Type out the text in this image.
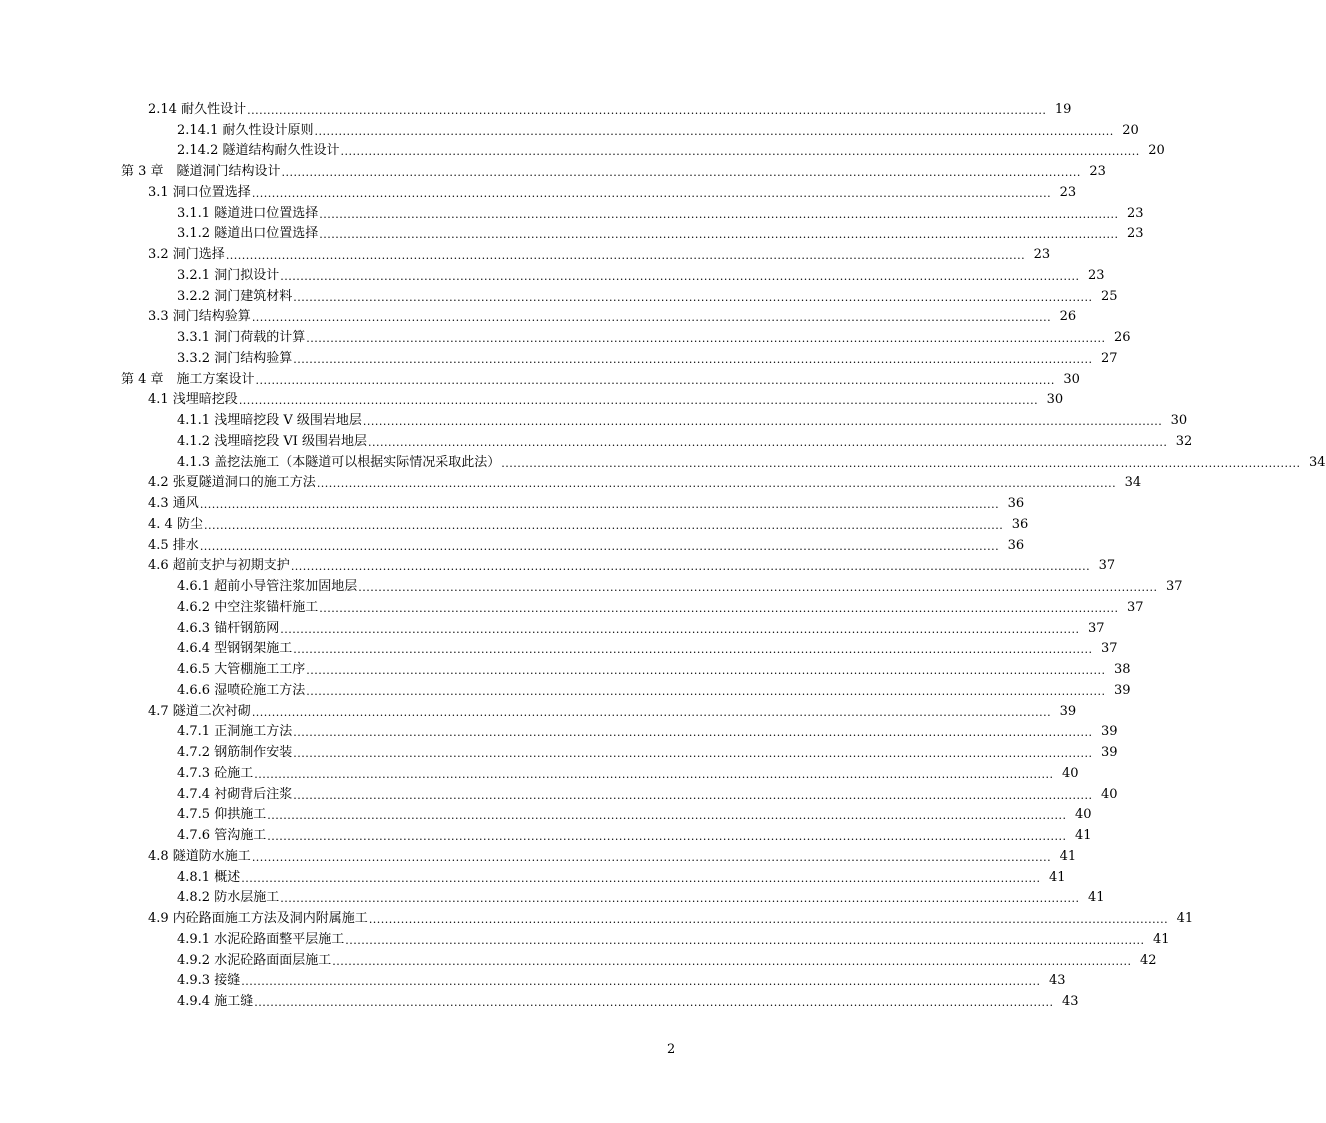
2.14 耐久性设计 ........................................................................................................................................................................................................ 19
2.14.1 耐久性设计原则 ........................................................................................................................................................................................................ 20
2.14.2 隧道结构耐久性设计 ........................................................................................................................................................................................................ 20
第 3 章　隧道洞门结构设计 ........................................................................................................................................................................................................ 23
3.1 洞口位置选择 ........................................................................................................................................................................................................ 23
3.1.1 隧道进口位置选择 ........................................................................................................................................................................................................ 23
3.1.2 隧道出口位置选择 ........................................................................................................................................................................................................ 23
3.2 洞门选择 ........................................................................................................................................................................................................ 23
3.2.1 洞门拟设计 ........................................................................................................................................................................................................ 23
3.2.2 洞门建筑材料 ........................................................................................................................................................................................................ 25
3.3 洞门结构验算 ........................................................................................................................................................................................................ 26
3.3.1 洞门荷载的计算 ........................................................................................................................................................................................................ 26
3.3.2 洞门结构验算 ........................................................................................................................................................................................................ 27
第 4 章　施工方案设计 ........................................................................................................................................................................................................ 30
4.1 浅埋暗挖段 ........................................................................................................................................................................................................ 30
4.1.1 浅埋暗挖段 V 级围岩地层 ........................................................................................................................................................................................................ 30
4.1.2 浅埋暗挖段 VI 级围岩地层 ........................................................................................................................................................................................................ 32
4.1.3 盖挖法施工（本隧道可以根据实际情况采取此法） ........................................................................................................................................................................................................ 34
4.2 张夏隧道洞口的施工方法 ........................................................................................................................................................................................................ 34
4.3 通风 ........................................................................................................................................................................................................ 36
4. 4 防尘 ........................................................................................................................................................................................................ 36
4.5 排水 ........................................................................................................................................................................................................ 36
4.6 超前支护与初期支护 ........................................................................................................................................................................................................ 37
4.6.1 超前小导管注浆加固地层 ........................................................................................................................................................................................................ 37
4.6.2 中空注浆锚杆施工 ........................................................................................................................................................................................................ 37
4.6.3 锚杆钢筋网 ........................................................................................................................................................................................................ 37
4.6.4 型钢钢架施工 ........................................................................................................................................................................................................ 37
4.6.5 大管棚施工工序 ........................................................................................................................................................................................................ 38
4.6.6 湿喷砼施工方法 ........................................................................................................................................................................................................ 39
4.7 隧道二次衬砌 ........................................................................................................................................................................................................ 39
4.7.1 正洞施工方法 ........................................................................................................................................................................................................ 39
4.7.2 钢筋制作安装 ........................................................................................................................................................................................................ 39
4.7.3 砼施工 ........................................................................................................................................................................................................ 40
4.7.4 衬砌背后注浆 ........................................................................................................................................................................................................ 40
4.7.5 仰拱施工 ........................................................................................................................................................................................................ 40
4.7.6 管沟施工 ........................................................................................................................................................................................................ 41
4.8 隧道防水施工 ........................................................................................................................................................................................................ 41
4.8.1 概述 ........................................................................................................................................................................................................ 41
4.8.2 防水层施工 ........................................................................................................................................................................................................ 41
4.9 内砼路面施工方法及洞内附属施工 ........................................................................................................................................................................................................ 41
4.9.1 水泥砼路面整平层施工 ........................................................................................................................................................................................................ 41
4.9.2 水泥砼路面面层施工 ........................................................................................................................................................................................................ 42
4.9.3 接缝 ........................................................................................................................................................................................................ 43
4.9.4 施工缝 ........................................................................................................................................................................................................ 43
2
